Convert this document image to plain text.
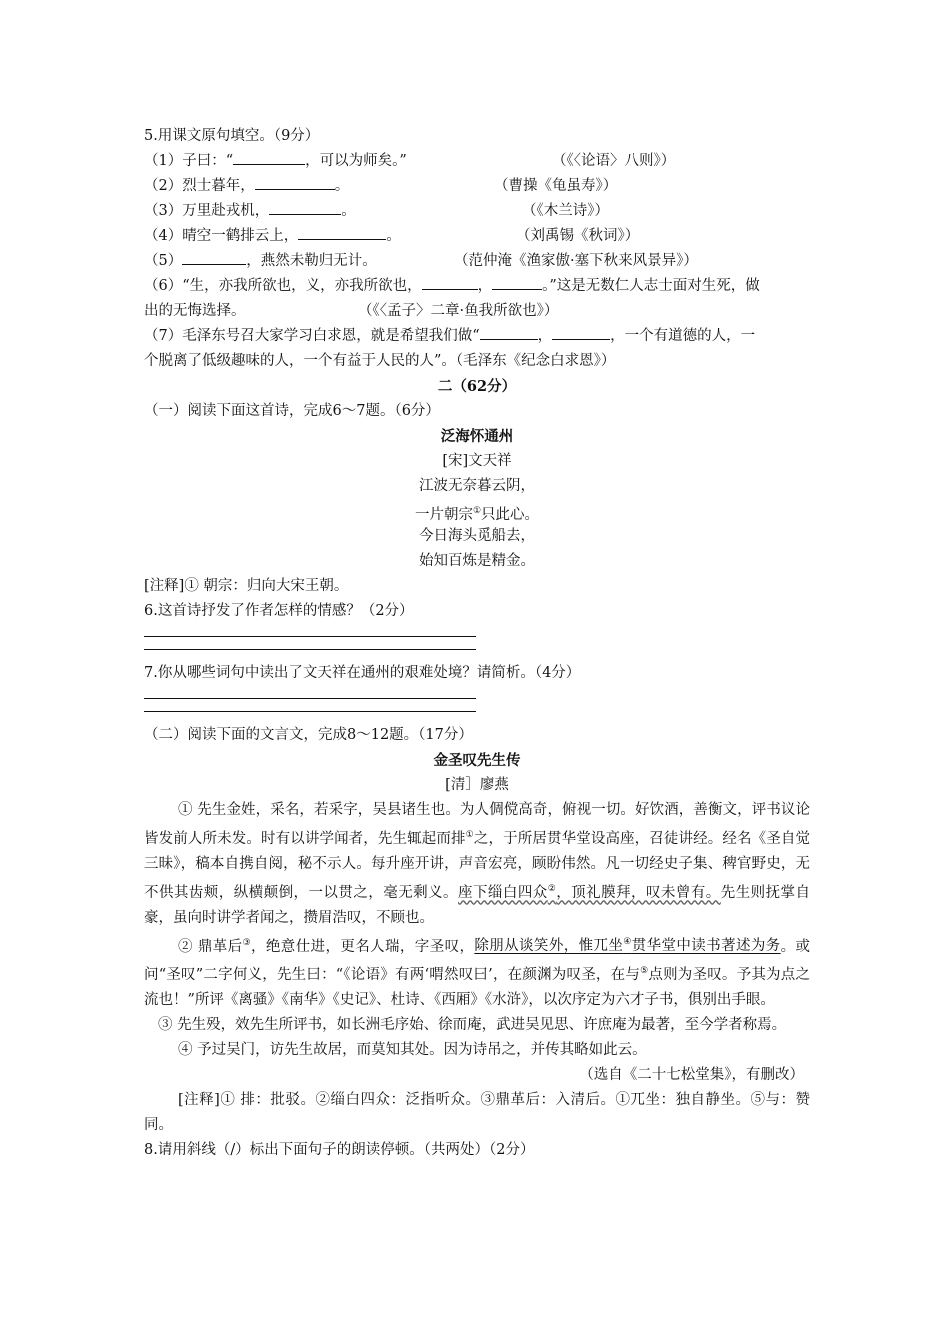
5.用课文原句填空。（9分）
（1）子曰：“	，可以为师矣。”	（《〈论语〉八则》）
（2）烈士暮年，	。	（曹操《龟虽寿》）
（3）万里赴戎机，	。	（《木兰诗》）
（4）晴空一鹤排云上，	。	（刘禹锡《秋词》）
（5）	，燕然未勒归无计。	（范仲淹《渔家傲·塞下秋来风景异》）
（6）“生，亦我所欲也，义，亦我所欲也，	，	。”这是无数仁人志士面对生死，做
出的无悔选择。	（《〈孟子〉二章·鱼我所欲也》）
（7）毛泽东号召大家学习白求恩，就是希望我们做“	，	，一个有道德的人，一
个脱离了低级趣味的人，一个有益于人民的人”。（毛泽东《纪念白求恩》）
二（62分）
（一）阅读下面这首诗，完成6～7题。（6分）
泛海怀通州
[宋]文天祥
江波无奈暮云阴，
一片朝宗①只此心。
今日海头觅船去，
始知百炼是精金。
[注释]① 朝宗：归向大宋王朝。
6.这首诗抒发了作者怎样的情感？（2分）
7.你从哪些词句中读出了文天祥在通州的艰难处境？请简析。（4分）
（二）阅读下面的文言文，完成8～12题。（17分）
金圣叹先生传
[清］廖燕
① 先生金姓，采名，若采字，吴县诸生也。为人倜傥高奇，俯视一切。好饮酒，善衡文，评书议论皆发前人所未发。时有以讲学闻者，先生辄起而排①之，于所居贯华堂设高座，召徒讲经。经名《圣自觉三昧》，稿本自携自阅，秘不示人。每升座开讲，声音宏亮，顾盼伟然。凡一切经史子集、稗官野史，无不供其齿颊，纵横颠倒，一以贯之，毫无剩义。座下缁白四众②，顶礼膜拜，叹未曾有。先生则抚掌自豪，虽向时讲学者闻之，攒眉浩叹，不顾也。
② 鼎革后③，绝意仕进，更名人瑞，字圣叹，除朋从谈笑外，惟兀坐④贯华堂中读书著述为务。或问“圣叹”二字何义，先生曰：“《论语》有两‘喟然叹曰’，在颜渊为叹圣，在与⑤点则为圣叹。予其为点之流也！”所评《离骚》《南华》《史记》、杜诗、《西厢》《水浒》，以次序定为六才子书，俱别出手眼。
③ 先生殁，效先生所评书，如长洲毛序始、徐而庵，武进吴见思、许庶庵为最著，至今学者称焉。
④ 予过吴门，访先生故居，而莫知其处。因为诗吊之，并传其略如此云。
（选自《二十七松堂集》，有删改）
[注释]① 排：批驳。②缁白四众：泛指听众。③鼎革后：入清后。①兀坐：独自静坐。⑤与：赞同。
8.请用斜线（/）标出下面句子的朗读停顿。（共两处）（2分）
